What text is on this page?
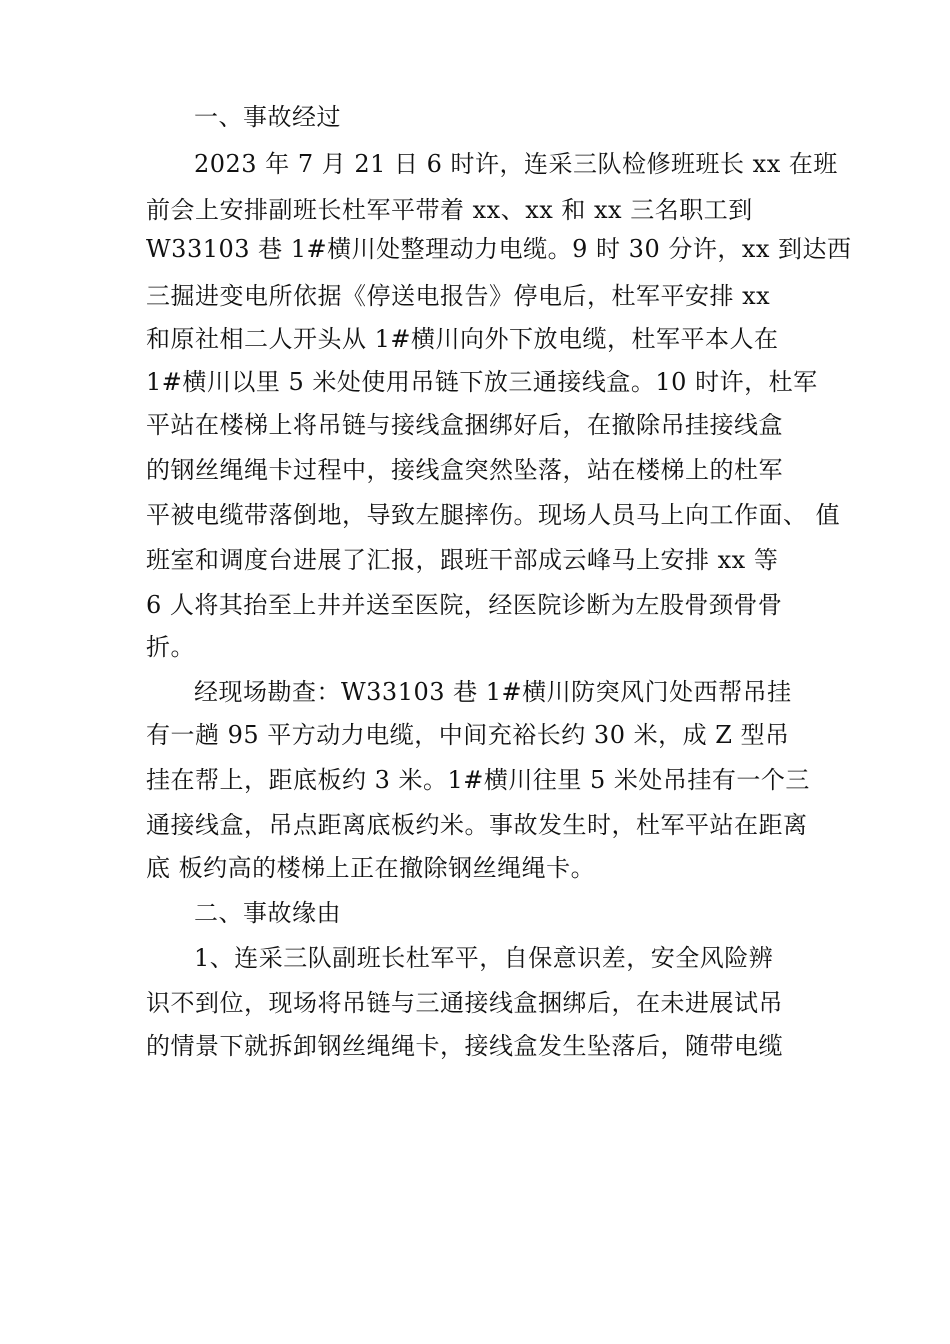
一、事故经过
2023 年 7 月 21 日 6 时许，连采三队检修班班长 xx 在班
前会上安排副班长杜军平带着 xx、xx 和 xx 三名职工到
W33103 巷 1#横川处整理动力电缆。9 时 30 分许，xx 到达西
三掘进变电所依据《停送电报告》停电后，杜军平安排 xx
和原社相二人开头从 1#横川向外下放电缆，杜军平本人在
1#横川以里 5 米处使用吊链下放三通接线盒。10 时许，杜军
平站在楼梯上将吊链与接线盒捆绑好后，在撤除吊挂接线盒
的钢丝绳绳卡过程中，接线盒突然坠落，站在楼梯上的杜军
平被电缆带落倒地，导致左腿摔伤。现场人员马上向工作面、 值
班室和调度台进展了汇报，跟班干部成云峰马上安排 xx 等
6 人将其抬至上井并送至医院，经医院诊断为左股骨颈骨骨
折。
经现场勘查：W33103 巷 1#横川防突风门处西帮吊挂
有一趟 95 平方动力电缆，中间充裕长约 30 米，成 Z 型吊
挂在帮上，距底板约 3 米。1#横川往里 5 米处吊挂有一个三
通接线盒，吊点距离底板约米。事故发生时，杜军平站在距离
底 板约高的楼梯上正在撤除钢丝绳绳卡。
二、事故缘由
1、连采三队副班长杜军平，自保意识差，安全风险辨
识不到位，现场将吊链与三通接线盒捆绑后，在未进展试吊
的情景下就拆卸钢丝绳绳卡，接线盒发生坠落后，随带电缆
